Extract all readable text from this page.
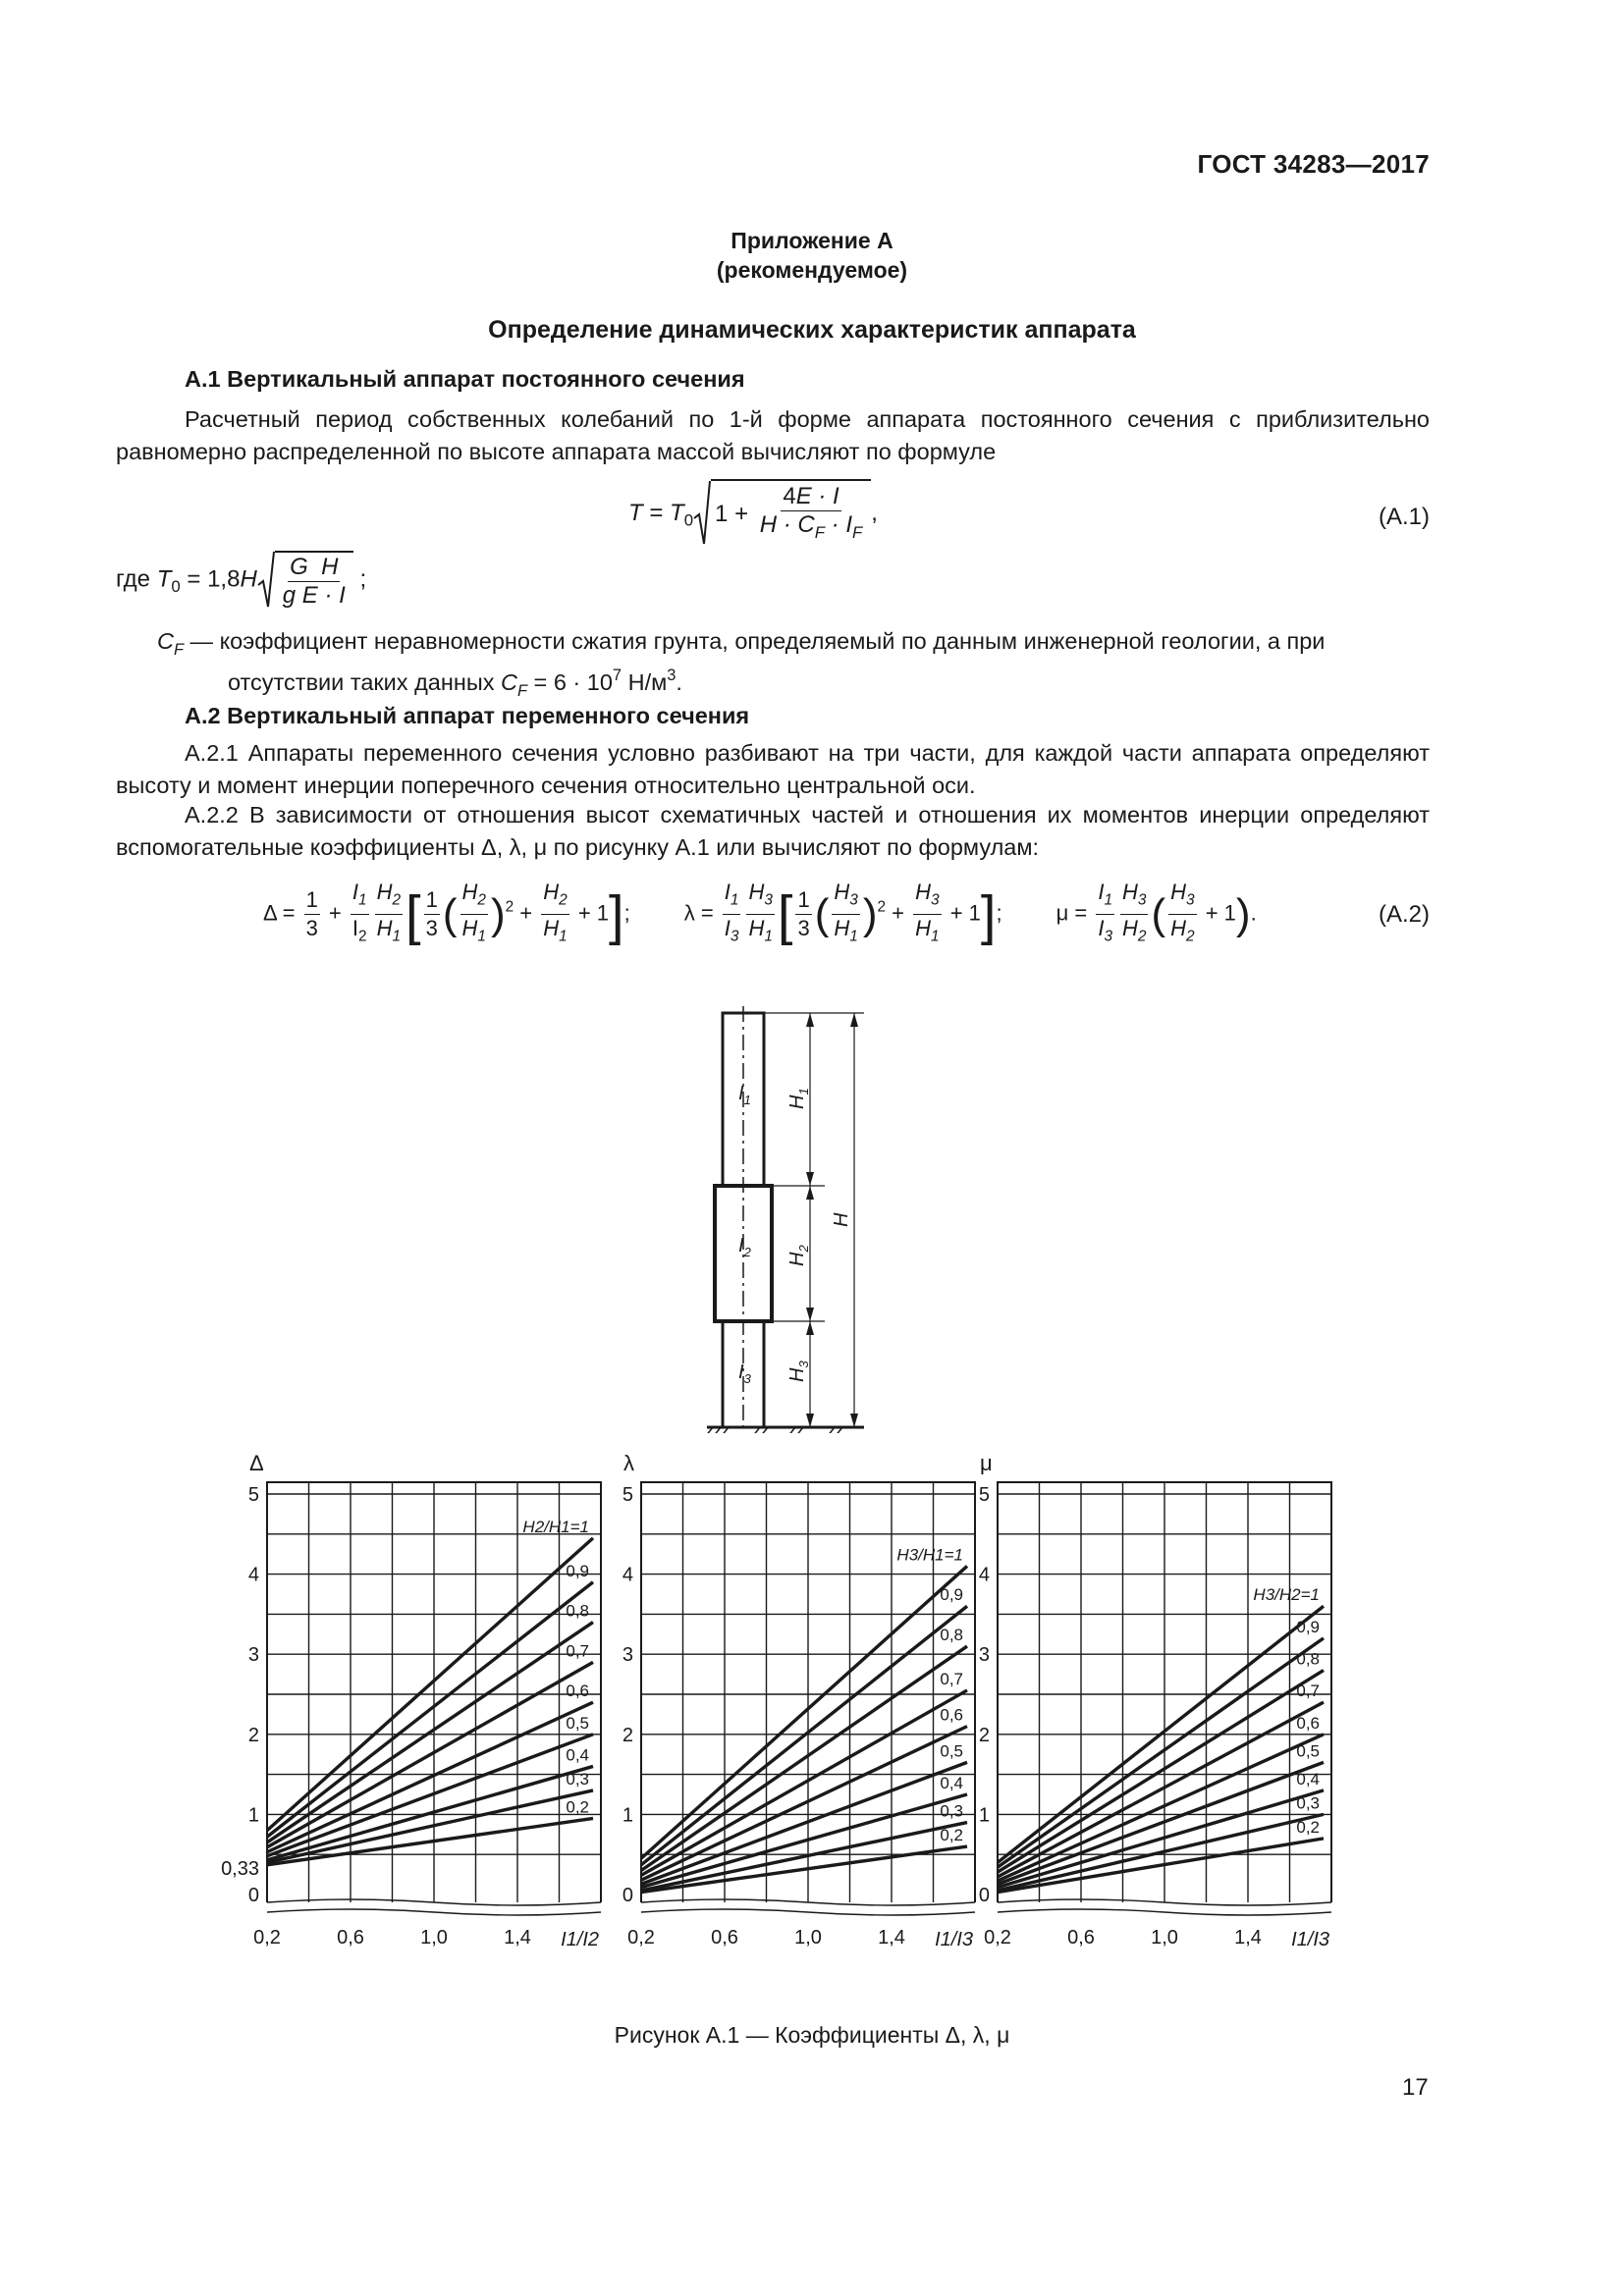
ГОСТ 34283—2017
Приложение А
(рекомендуемое)
Определение динамических характеристик аппарата
А.1 Вертикальный аппарат постоянного сечения
Расчетный период собственных колебаний по 1-й форме аппарата постоянного сечения с приблизительно равномерно распределенной по высоте аппарата массой вычисляют по формуле
$T = T_0$ $1 + \frac{4E \cdot I}{H \cdot C_F \cdot I_F}$ ,	(А.1)
где $T_0 = 1,8H \frac{\text{G  H}}{\text{g E · I}}$ ;
$C_F$ — коэффициент неравномерности сжатия грунта, определяемый по данным инженерной геологии, а при
отсутствии таких данных $C_F = 6 \cdot 10^7$ $Н/м^3$.
А.2 Вертикальный аппарат переменного сечения
А.2.1 Аппараты переменного сечения условно разбивают на три части, для каждой части аппарата определяют высоту и момент инерции поперечного сечения относительно центральной оси.
А.2.2 В зависимости от отношения высот схематичных частей и отношения их моментов инерции определяют вспомогательные коэффициенты Δ, λ, μ по рисунку А.1 или вычисляют по формулам:
$\Delta = \frac{1}{3} + \frac{I_1}{I_2} \frac{H_2}{H_1}$ [ $\frac{1}{3}$ ( $\frac{H_2}{H_1} )^2 + \frac{H_2}{H_1} + 1$];         $\lambda = \frac{I_1}{I_3} \frac{H_3}{H_1}$ [ $\frac{1}{3}$ ( $\frac{H_3}{H_1} )^2 + \frac{H_3}{H_1} + 1$];         $\mu = \frac{I_1}{I_3} \frac{H_3}{H_2}$ ( $\frac{H_3}{H_2} + 1$).	(А.2)
$I_1$
$I_2$
$I_3$
$H_1$
$H_2$
$H_3$
H
Δ
0
0,33
1
2
3
4
5
0,2	0,6	1,0	1,4 I1/I2
H2/H1=1
0,9
0,8
0,7
0,6
0,5
0,4
0,3
0,2
λ
0
1
2
3
4
5
0,2	0,6	1,0	1,4 I1/I3
H3/H1=1
0,9
0,8
0,7
0,6
0,5
0,4
0,3
0,2
μ
0
1
2
3
4
5
0,2	0,6	1,0	1,4 I1/I3
H3/H2=1
0,9
0,8
0,7
0,6
0,5
0,4
0,3
0,2
Рисунок А.1 — Коэффициенты Δ, λ, μ
17
